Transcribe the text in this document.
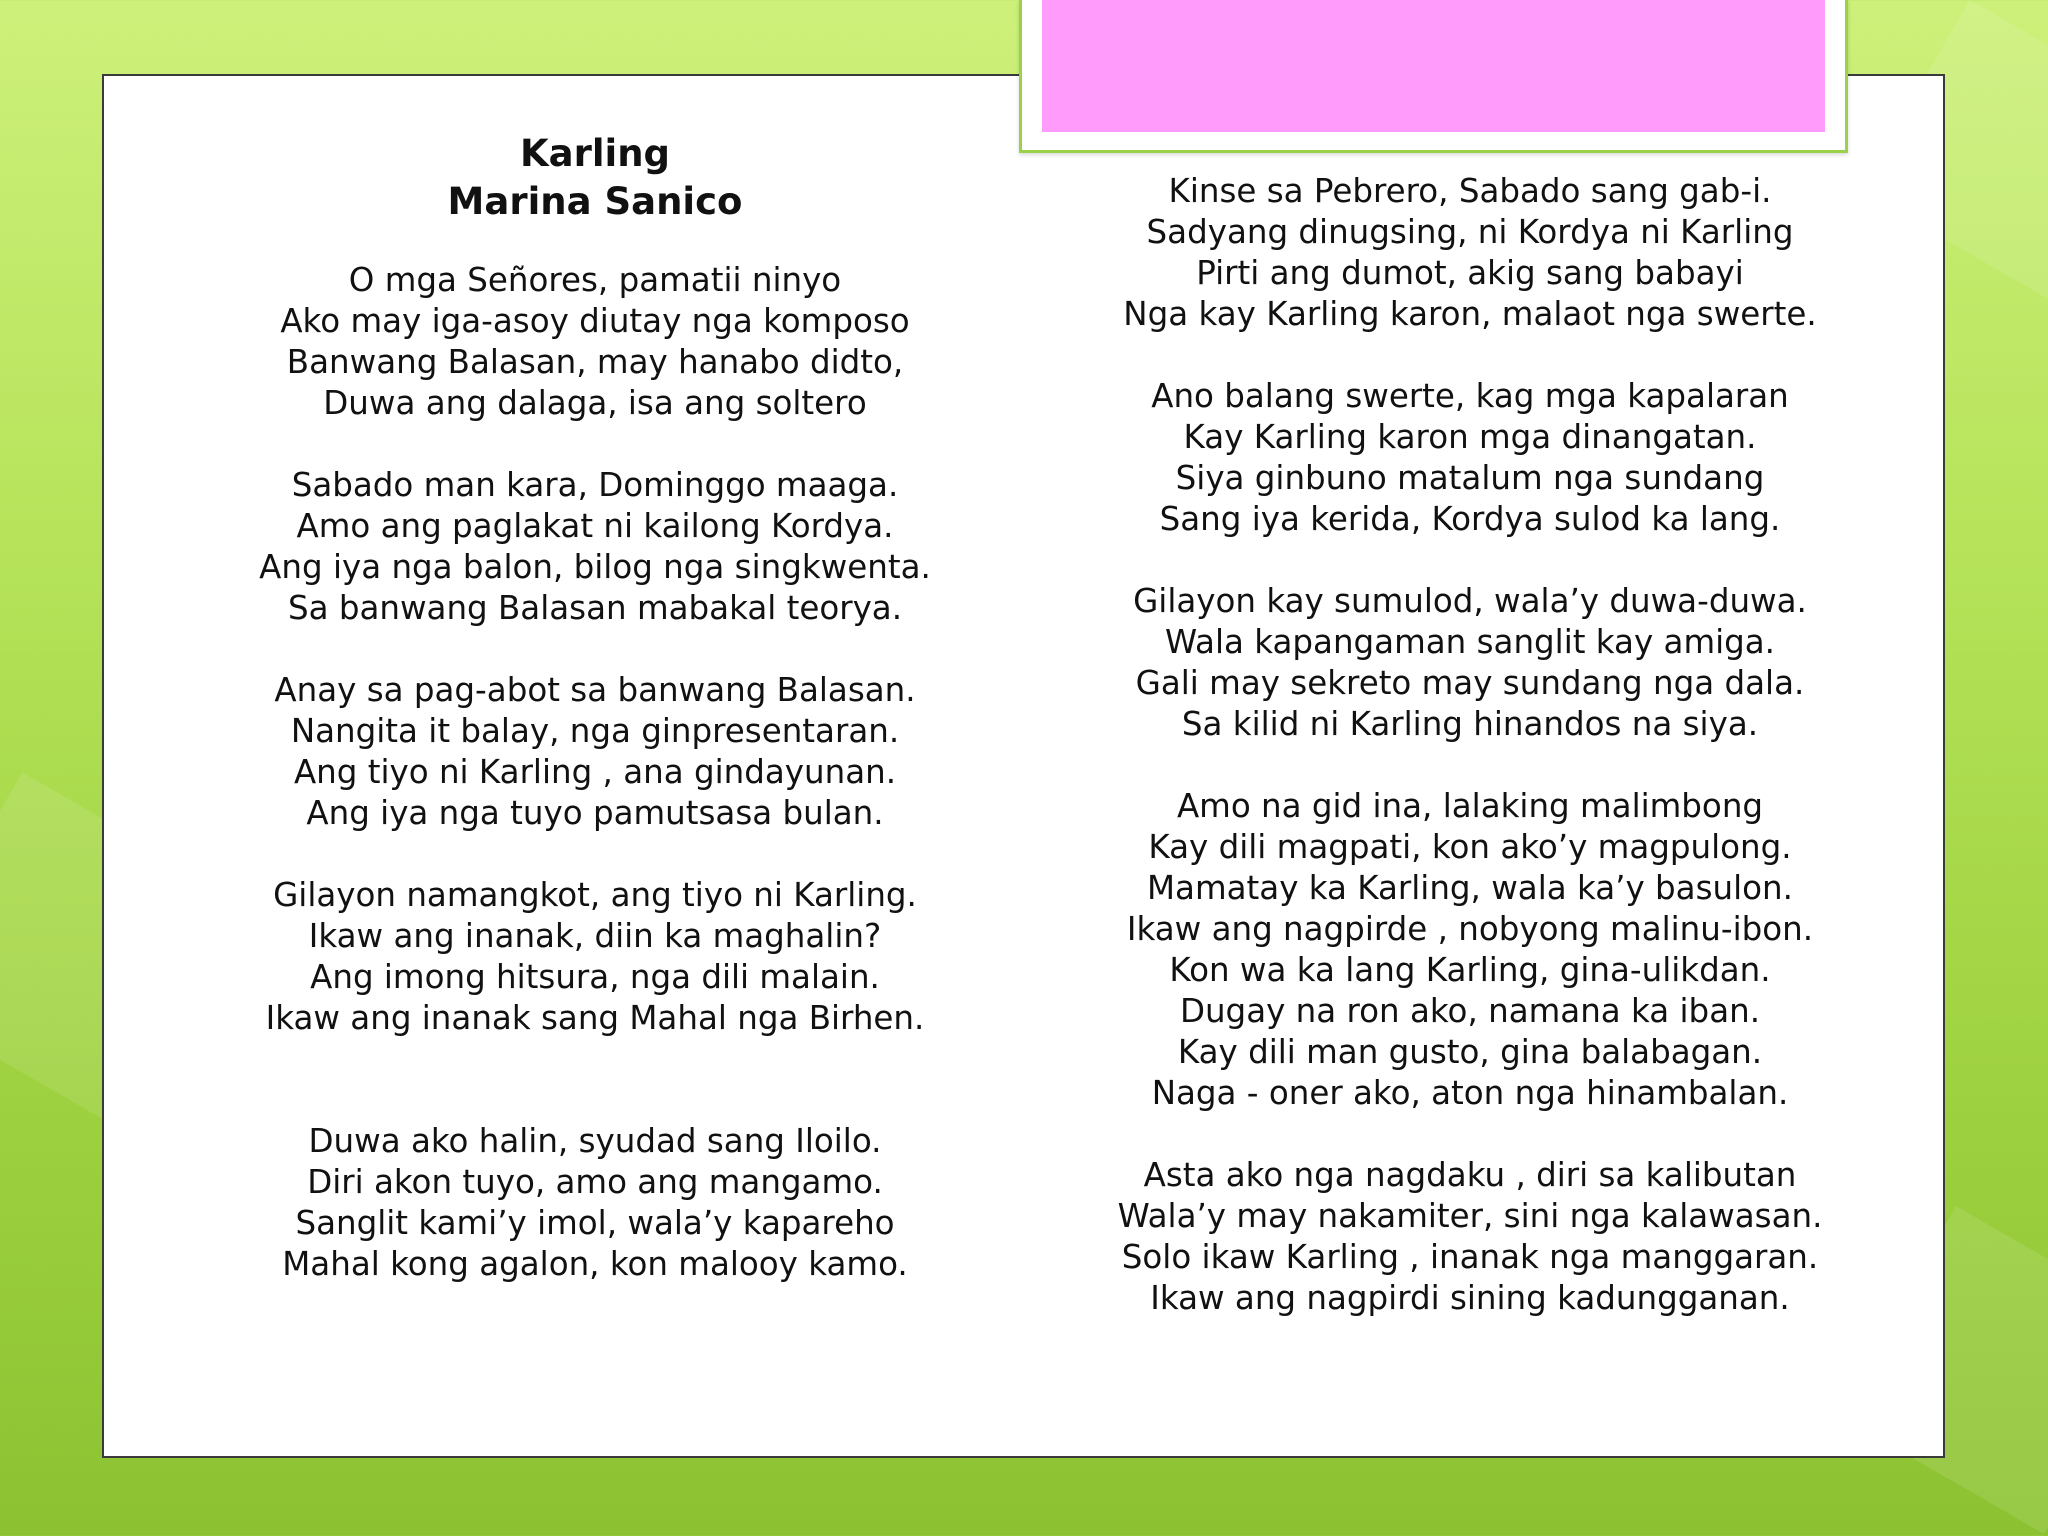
Karling
Marina Sanico
O mga Señores, pamatii ninyo
Ako may iga-asoy diutay nga komposo
Banwang Balasan, may hanabo didto,
Duwa ang dalaga, isa ang soltero
Sabado man kara, Dominggo maaga.
Amo ang paglakat ni kailong Kordya.
Ang iya nga balon, bilog nga singkwenta.
Sa banwang Balasan mabakal teorya.
Anay sa pag-abot sa banwang Balasan.
Nangita it balay, nga ginpresentaran.
Ang tiyo ni Karling , ana gindayunan.
Ang iya nga tuyo pamutsasa bulan.
Gilayon namangkot, ang tiyo ni Karling.
Ikaw ang inanak, diin ka maghalin?
Ang imong hitsura, nga dili malain.
Ikaw ang inanak sang Mahal nga Birhen.
Duwa ako halin, syudad sang Iloilo.
Diri akon tuyo, amo ang mangamo.
Sanglit kami’y imol, wala’y kapareho
Mahal kong agalon, kon malooy kamo.
Kinse sa Pebrero, Sabado sang gab-i.
Sadyang dinugsing, ni Kordya ni Karling
Pirti ang dumot, akig sang babayi
Nga kay Karling karon, malaot nga swerte.
Ano balang swerte, kag mga kapalaran
Kay Karling karon mga dinangatan.
Siya ginbuno matalum nga sundang
Sang iya kerida, Kordya sulod ka lang.
Gilayon kay sumulod, wala’y duwa-duwa.
Wala kapangaman sanglit kay amiga.
Gali may sekreto may sundang nga dala.
Sa kilid ni Karling hinandos na siya.
Amo na gid ina, lalaking malimbong
Kay dili magpati, kon ako’y magpulong.
Mamatay ka Karling, wala ka’y basulon.
Ikaw ang nagpirde , nobyong malinu-ibon.
Kon wa ka lang Karling, gina-ulikdan.
Dugay na ron ako, namana ka iban.
Kay dili man gusto, gina balabagan.
Naga - oner ako, aton nga hinambalan.
Asta ako nga nagdaku , diri sa kalibutan
Wala’y may nakamiter, sini nga kalawasan.
Solo ikaw Karling , inanak nga manggaran.
Ikaw ang nagpirdi sining kadungganan.
